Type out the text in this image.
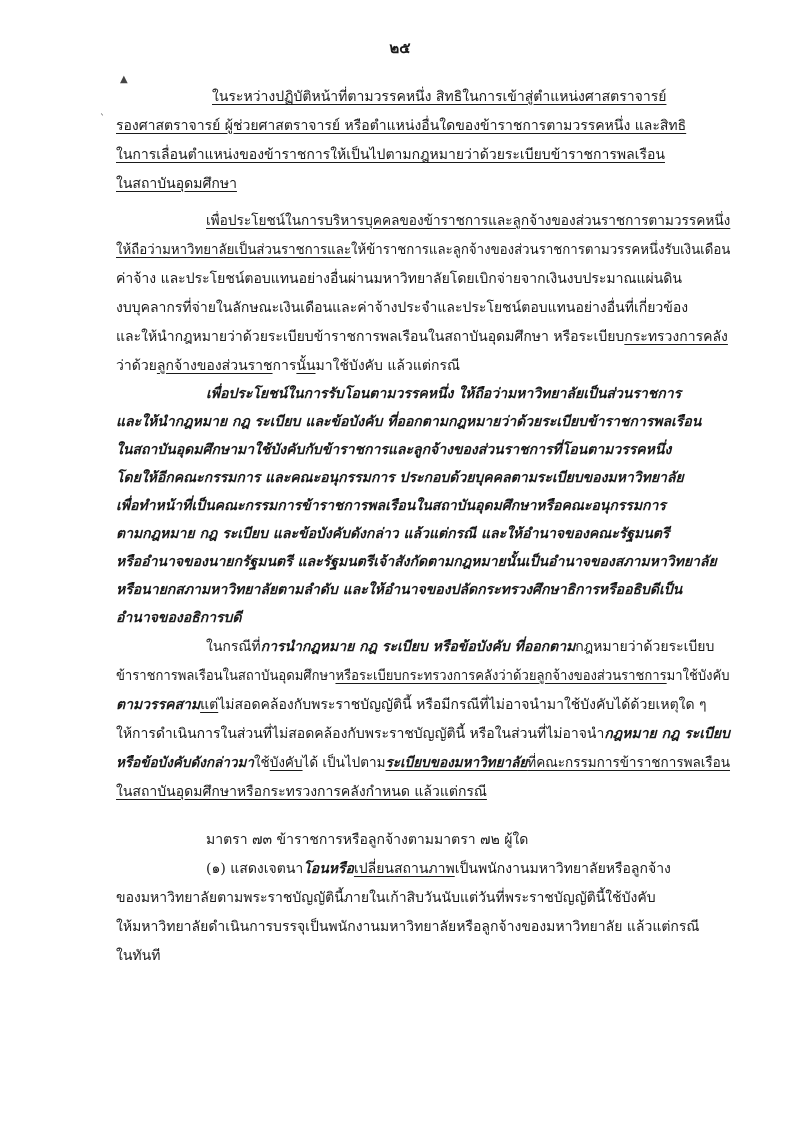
๒๕
▲
`
ในระหว่างปฏิบัติหน้าที่ตามวรรคหนึ่ง สิทธิในการเข้าสู่ตำแหน่งศาสตราจารย์
รองศาสตราจารย์ ผู้ช่วยศาสตราจารย์ หรือตำแหน่งอื่นใดของข้าราชการตามวรรคหนึ่ง และสิทธิ
ในการเลื่อนตำแหน่งของข้าราชการให้เป็นไปตามกฎหมายว่าด้วยระเบียบข้าราชการพลเรือน
ในสถาบันอุดมศึกษา
เพื่อประโยชน์ในการบริหารบุคคลของข้าราชการและลูกจ้างของส่วนราชการตามวรรคหนึ่ง
ให้ถือว่ามหาวิทยาลัยเป็นส่วนราชการและให้ข้าราชการและลูกจ้างของส่วนราชการตามวรรคหนึ่งรับเงินเดือน
ค่าจ้าง และประโยชน์ตอบแทนอย่างอื่นผ่านมหาวิทยาลัยโดยเบิกจ่ายจากเงินงบประมาณแผ่นดิน
งบบุคลากรที่จ่ายในลักษณะเงินเดือนและค่าจ้างประจำและประโยชน์ตอบแทนอย่างอื่นที่เกี่ยวข้อง
และให้นำกฎหมายว่าด้วยระเบียบข้าราชการพลเรือนในสถาบันอุดมศึกษา หรือระเบียบกระทรวงการคลัง
ว่าด้วยลูกจ้างของส่วนราชการนั้นมาใช้บังคับ แล้วแต่กรณี
เพื่อประโยชน์ในการรับโอนตามวรรคหนึ่ง ให้ถือว่ามหาวิทยาลัยเป็นส่วนราชการ
และให้นำกฎหมาย กฎ ระเบียบ และข้อบังคับ ที่ออกตามกฎหมายว่าด้วยระเบียบข้าราชการพลเรือน
ในสถาบันอุดมศึกษามาใช้บังคับกับข้าราชการและลูกจ้างของส่วนราชการที่โอนตามวรรคหนึ่ง
โดยให้อีกคณะกรรมการ และคณะอนุกรรมการ ประกอบด้วยบุคคลตามระเบียบของมหาวิทยาลัย
เพื่อทำหน้าที่เป็นคณะกรรมการข้าราชการพลเรือนในสถาบันอุดมศึกษาหรือคณะอนุกรรมการ
ตามกฎหมาย กฎ ระเบียบ และข้อบังคับดังกล่าว แล้วแต่กรณี และให้อำนาจของคณะรัฐมนตรี
หรืออำนาจของนายกรัฐมนตรี และรัฐมนตรีเจ้าสังกัดตามกฎหมายนั้นเป็นอำนาจของสภามหาวิทยาลัย
หรือนายกสภามหาวิทยาลัยตามลำดับ และให้อำนาจของปลัดกระทรวงศึกษาธิการหรืออธิบดีเป็น
อำนาจของอธิการบดี
ในกรณีที่การนำกฎหมาย กฎ ระเบียบ หรือข้อบังคับ ที่ออกตามกฎหมายว่าด้วยระเบียบ
ข้าราชการพลเรือนในสถาบันอุดมศึกษาหรือระเบียบกระทรวงการคลังว่าด้วยลูกจ้างของส่วนราชการมาใช้บังคับ
ตามวรรคสามแต่ไม่สอดคล้องกับพระราชบัญญัตินี้ หรือมีกรณีที่ไม่อาจนำมาใช้บังคับได้ด้วยเหตุใด ๆ
ให้การดำเนินการในส่วนที่ไม่สอดคล้องกับพระราชบัญญัตินี้ หรือในส่วนที่ไม่อาจนำกฎหมาย กฎ ระเบียบ
หรือข้อบังคับดังกล่าวมาใช้บังคับได้ เป็นไปตามระเบียบของมหาวิทยาลัยที่คณะกรรมการข้าราชการพลเรือน
ในสถาบันอุดมศึกษาหรือกระทรวงการคลังกำหนด แล้วแต่กรณี
มาตรา ๗๓ ข้าราชการหรือลูกจ้างตามมาตรา ๗๒ ผู้ใด
(๑) แสดงเจตนาโอนหรือเปลี่ยนสถานภาพเป็นพนักงานมหาวิทยาลัยหรือลูกจ้าง
ของมหาวิทยาลัยตามพระราชบัญญัตินี้ภายในเก้าสิบวันนับแต่วันที่พระราชบัญญัตินี้ใช้บังคับ
ให้มหาวิทยาลัยดำเนินการบรรจุเป็นพนักงานมหาวิทยาลัยหรือลูกจ้างของมหาวิทยาลัย แล้วแต่กรณี
ในทันที
